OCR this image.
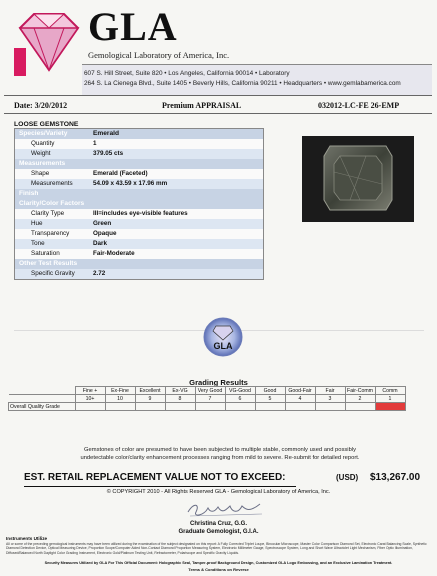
GLA
Gemological Laboratory of America, Inc.
607 S. Hill Street, Suite 820 • Los Angeles, California 90014 • Laboratory
264 S. La Cienega Blvd., Suite 1405 • Beverly Hills, California 90211 • Headquarters • www.gemlabamerica.com
Date: 3/20/2012	Premium APPRAISAL	032012-LC-FE 26-EMP
LOOSE GEMSTONE
Species/Variety	Emerald
Quantity	1
Weight	379.05 cts
Measurements
Shape	Emerald (Faceted)
Measurements	54.09 x 43.59 x 17.96 mm
Finish
Clarity/Color Factors
Clarity Type	III=includes eye-visible features
Hue	Green
Transparency	Opaque
Tone	Dark
Saturation	Fair-Moderate
Other Test Results
Specific Gravity	2.72
GLA
Grading Results
	Fine +	Ex-Fine	Excellent	Ex-VG	Very Good	VG-Good	Good	Good-Fair	Fair	Fair-Comm	Comm
	10+	10	9	8	7	6	5	4	3	2	1
Overall Quality Grade											
Gemstones of color are presumed to have been subjected to multiple stable, commonly used and possibly undetectable color/clarity enhancement processes ranging from mild to severe. Re-submit for detailed report.
EST. RETAIL REPLACEMENT VALUE NOT TO EXCEED:	(USD) $13,267.00
© COPYRIGHT 2010 - All Rights Reserved GLA - Gemological Laboratory of America, Inc.
Christina Cruz, G.G.
Graduate Gemologist, G.I.A.
Instruments Utilize
All or some of the preceding gemological instruments may have been utilized during the examination of the subject designated on this report: A Fully Corrected Triplet Loupe, Binocular Microscope, Master Color Comparison Diamond Set, Electronic Carat Balancing Scale, Synthetic Diamond Detection Device, Optical Measuring Device, Proportion Scope/Computer Aided Non-Contact Diamond Proportion Measuring System, Electronic Millimeter Gauge, Spectroscope System, Long and Short Wave Ultraviolet Light Mechanism, Fiber Optic Illumination, Diffused/Balanced North Daylight Color Grading Instrument, Electronic Gold/Platinum Testing Unit, Refractometer, Polariscope and Specific Gravity Liquids.
Security Measures Utilized by GLA For This Official Document: Holographic Seal, Tamper-proof Background Design, Customized GLA Logo Embossing, and an Exclusive Lamination Treatment.
Terms & Conditions on Reverse
